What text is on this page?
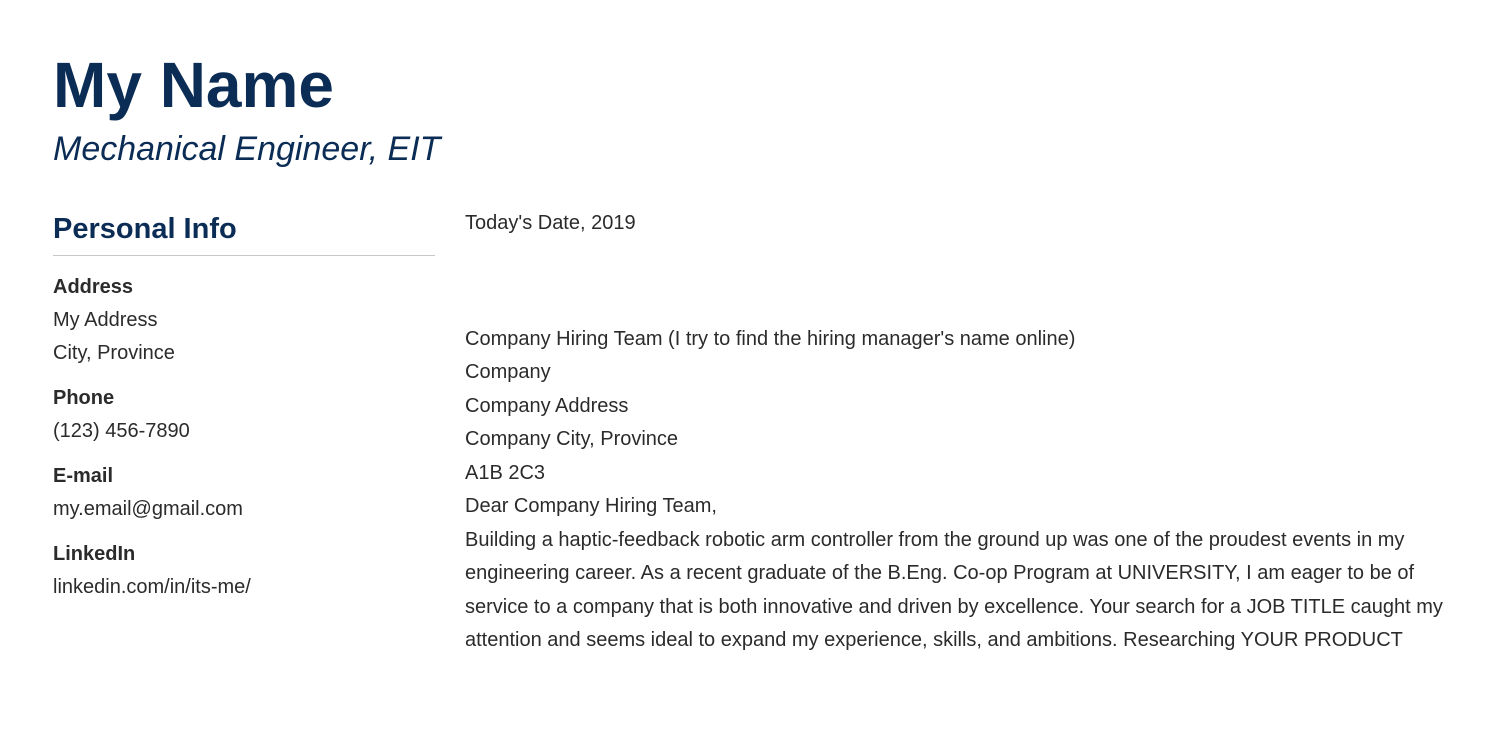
My Name
Mechanical Engineer, EIT
Personal Info
Address
My Address
City, Province
Phone
(123) 456-7890
E-mail
my.email@gmail.com
LinkedIn
linkedin.com/in/its-me/

Today's Date, 2019

Company Hiring Team (I try to find the hiring manager's name online)

Company

Company Address

Company City, Province

A1B 2C3

Dear Company Hiring Team,

Building a haptic-feedback robotic arm controller from the ground up was one of the proudest events in my engineering career. As a recent graduate of the B.Eng. Co-op Program at UNIVERSITY, I am eager to be of service to a company that is both innovative and driven by excellence. Your search for a JOB TITLE caught my attention and seems ideal to expand my experience, skills, and ambitions. Researching YOUR PRODUCT
